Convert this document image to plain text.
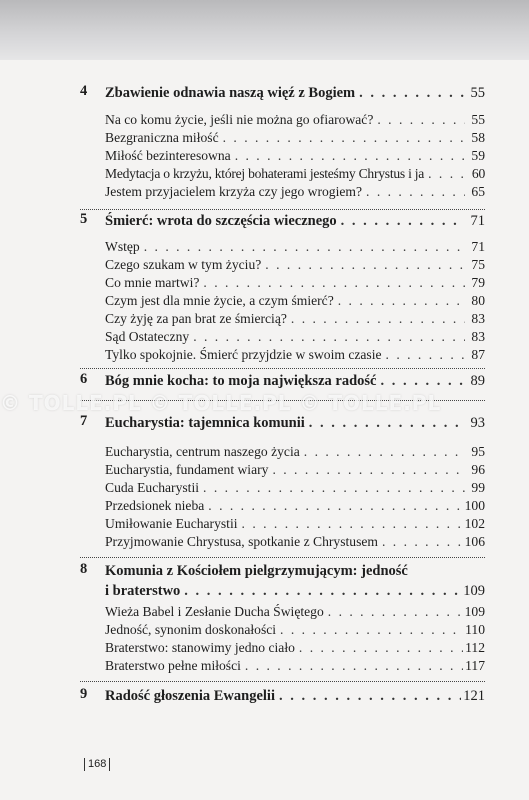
4	Zbawienie odnawia naszą więź z Bogiem . . .	55
Na co komu życie, jeśli nie można go ofiarować? . . .	55
Bezgraniczna miłość . . .	58
Miłość bezinteresowna . . .	59
Medytacja o krzyżu, której bohaterami jesteśmy Chrystus i ja . . .	60
Jestem przyjacielem krzyża czy jego wrogiem? . . .	65
5	Śmierć: wrota do szczęścia wiecznego . . .	71
Wstęp . . .	71
Czego szukam w tym życiu? . . .	75
Co mnie martwi? . . .	79
Czym jest dla mnie życie, a czym śmierć? . . .	80
Czy żyję za pan brat ze śmiercią? . . .	83
Sąd Ostateczny . . .	83
Tylko spokojnie. Śmierć przyjdzie w swoim czasie . . .	87
6	Bóg mnie kocha: to moja największa radość . . .	89
7	Eucharystia: tajemnica komunii . . .	93
Eucharystia, centrum naszego życia . . .	95
Eucharystia, fundament wiary . . .	96
Cuda Eucharystii . . .	99
Przedsionek nieba . . .	100
Umiłowanie Eucharystii . . .	102
Przyjmowanie Chrystusa, spotkanie z Chrystusem . . .	106
8	Komunia z Kościołem pielgrzymującym: jedność
i braterstwo . . .	109
Wieża Babel i Zesłanie Ducha Świętego . . .	109
Jedność, synonim doskonałości . . .	110
Braterstwo: stanowimy jedno ciało . . .	112
Braterstwo pełne miłości . . .	117
9	Radość głoszenia Ewangelii . . .	121
© TOLLE.PL © TOLLE.PL © TOLLE.PL
168
